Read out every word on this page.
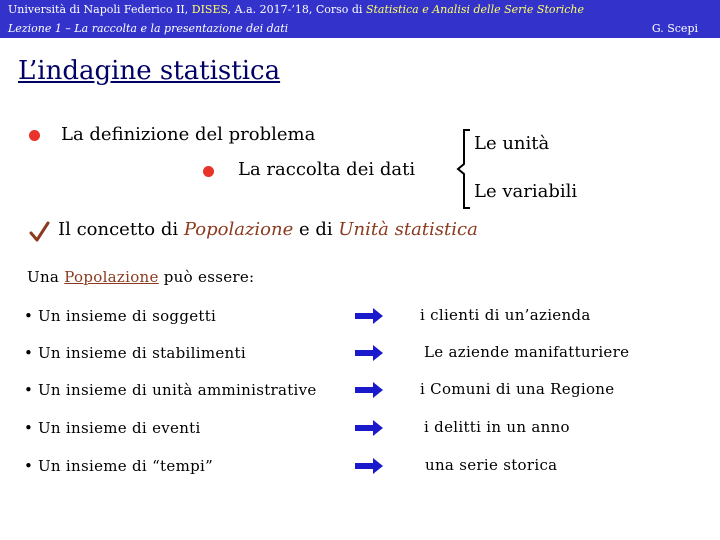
Università di Napoli Federico II, DISES, A.a. 2017-’18, Corso di Statistica e Analisi delle Serie Storiche
Lezione 1 – La raccolta e la presentazione dei dati	G. Scepi
L’indagine statistica
La definizione del problema
La raccolta dei dati
Le unità
Le variabili
Il concetto di Popolazione e di Unità statistica
Una Popolazione può essere:
• Un insieme di soggetti	i clienti di un’azienda
• Un insieme di stabilimenti	Le aziende manifatturiere
• Un insieme di unità amministrative	i Comuni di una Regione
• Un insieme di eventi	i delitti in un anno
• Un insieme di “tempi”	una serie storica
